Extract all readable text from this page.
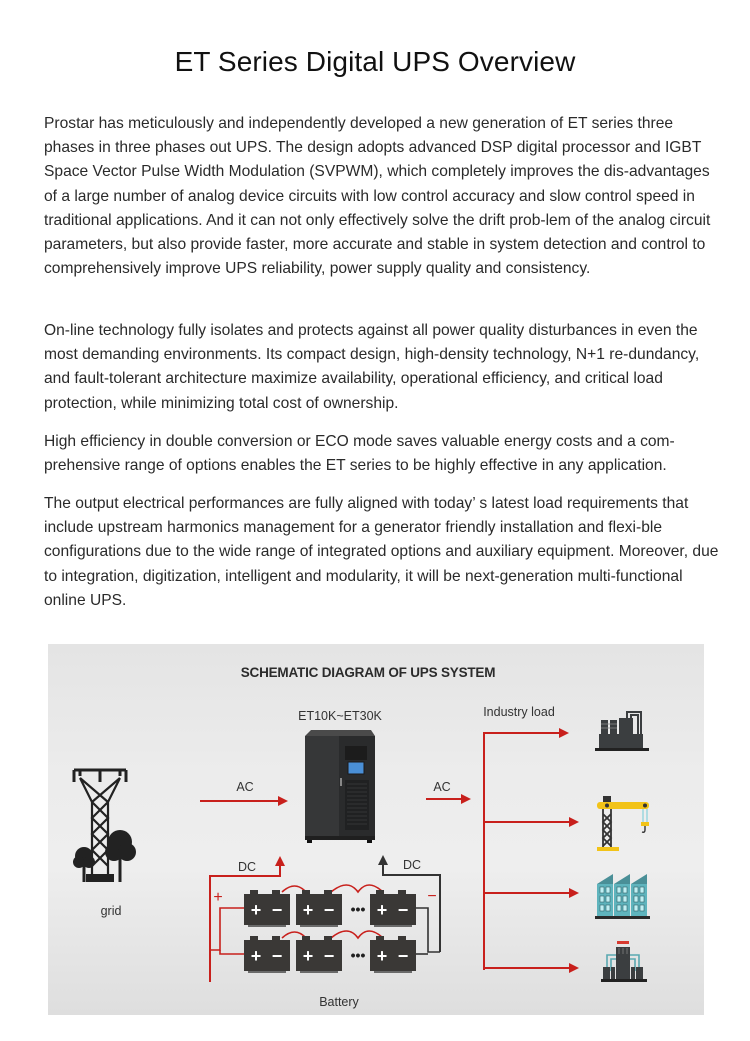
ET Series Digital UPS Overview

Prostar has meticulously and independently developed a new generation of ET series three phases in three phases out UPS. The design adopts advanced DSP digital processor and IGBT Space Vector Pulse Width Modulation (SVPWM), which completely improves the dis-advantages of a large number of analog device circuits with low control accuracy and slow control speed in traditional applications. And it can not only effectively solve the drift prob-lem of the analog circuit parameters, but also provide faster, more accurate and stable in system detection and control to comprehensively improve UPS reliability, power supply quality and consistency.

On-line technology fully isolates and protects against all power quality disturbances in even the most demanding environments. Its compact design, high-density technology, N+1 re-dundancy, and fault-tolerant architecture maximize availability, operational efficiency, and critical load protection, while minimizing total cost of ownership.

High efficiency in double conversion or ECO mode saves valuable energy costs and a com-prehensive range of options enables the ET series to be highly effective in any application.

The output electrical performances are fully aligned with today’ s latest load requirements that include upstream harmonics management for a generator friendly installation and flexi-ble configurations due to the wide range of integrated options and auxiliary equipment. Moreover, due to integration, digitization, intelligent and modularity, it will be next-generation multi-functional online UPS.

SCHEMATIC DIAGRAM OF UPS SYSTEM
ET10K~ET30K	Industry load
grid
AC	AC
DC
+
DC
−
+ − + − ••• + −
+ − + − ••• + −
Battery
